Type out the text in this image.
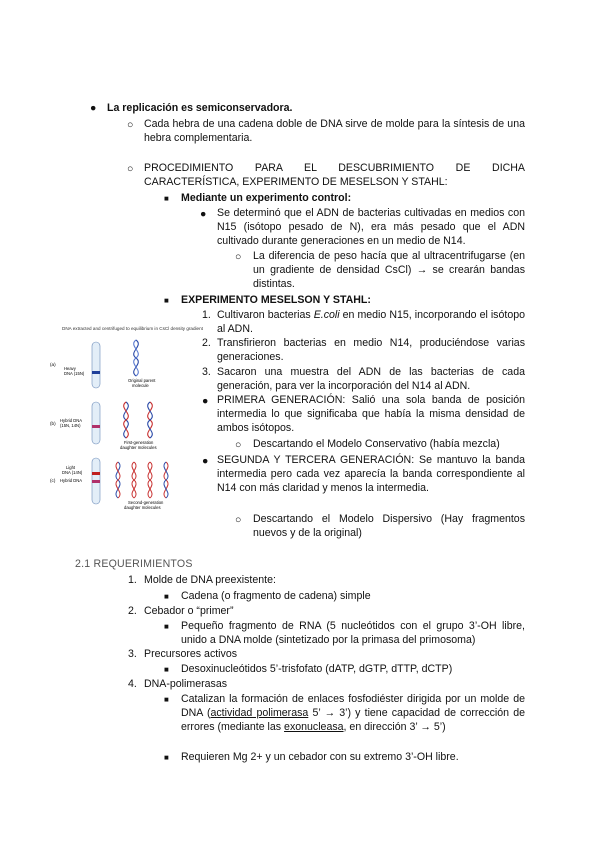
● La replicación es semiconservadora.
○ Cada hebra de una cadena doble de DNA sirve de molde para la síntesis de una hebra complementaria.
○ PROCEDIMIENTO PARA EL DESCUBRIMIENTO DE DICHA CARACTERÍSTICA, EXPERIMENTO DE MESELSON Y STAHL:
■ Mediante un experimento control:
● Se determinó que el ADN de bacterias cultivadas en medios con N15 (isótopo pesado de N), era más pesado que el ADN cultivado durante generaciones en un medio de N14.
○ La diferencia de peso hacía que al ultracentrifugarse (en un gradiente de densidad CsCl) → se crearán bandas distintas.
■ EXPERIMENTO MESELSON Y STAHL:
1. Cultivaron bacterias E.coli en medio N15, incorporando el isótopo al ADN.
2. Transfirieron bacterias en medio N14, produciéndose varias generaciones.
3. Sacaron una muestra del ADN de las bacterias de cada generación, para ver la incorporación del N14 al ADN.
● PRIMERA GENERACIÓN: Salió una sola banda de posición intermedia lo que significaba que había la misma densidad de ambos isótopos.
○ Descartando el Modelo Conservativo (había mezcla)
● SEGUNDA Y TERCERA GENERACIÓN: Se mantuvo la banda intermedia pero cada vez aparecía la banda correspondiente al N14 con más claridad y menos la intermedia.
○ Descartando el Modelo Dispersivo (Hay fragmentos nuevos y de la original)
DNA extracted and centrifuged to equilibrium in CsCl density gradient
(a)
Heavy
DNA (15N)
Original parent
molecule
(b)
Hybrid DNA
(15N, 14N)
First-generation
daughter molecules
(c)
Light
DNA (14N)
Hybrid DNA
Second-generation
daughter molecules
2.1 REQUERIMIENTOS
1. Molde de DNA preexistente:
■ Cadena (o fragmento de cadena) simple
2. Cebador o “primer”
■ Pequeño fragmento de RNA (5 nucleótidos con el grupo 3’-OH libre, unido a DNA molde (sintetizado por la primasa del primosoma)
3. Precursores activos
■ Desoxinucleótidos 5’-trisfofato (dATP, dGTP, dTTP, dCTP)
4. DNA-polimerasas
■ Catalizan la formación de enlaces fosfodiéster dirigida por un molde de DNA (actividad polimerasa 5’ → 3’) y tiene capacidad de corrección de errores (mediante las exonucleasa, en dirección 3’ → 5’)
■ Requieren Mg 2+ y un cebador con su extremo 3’-OH libre.
